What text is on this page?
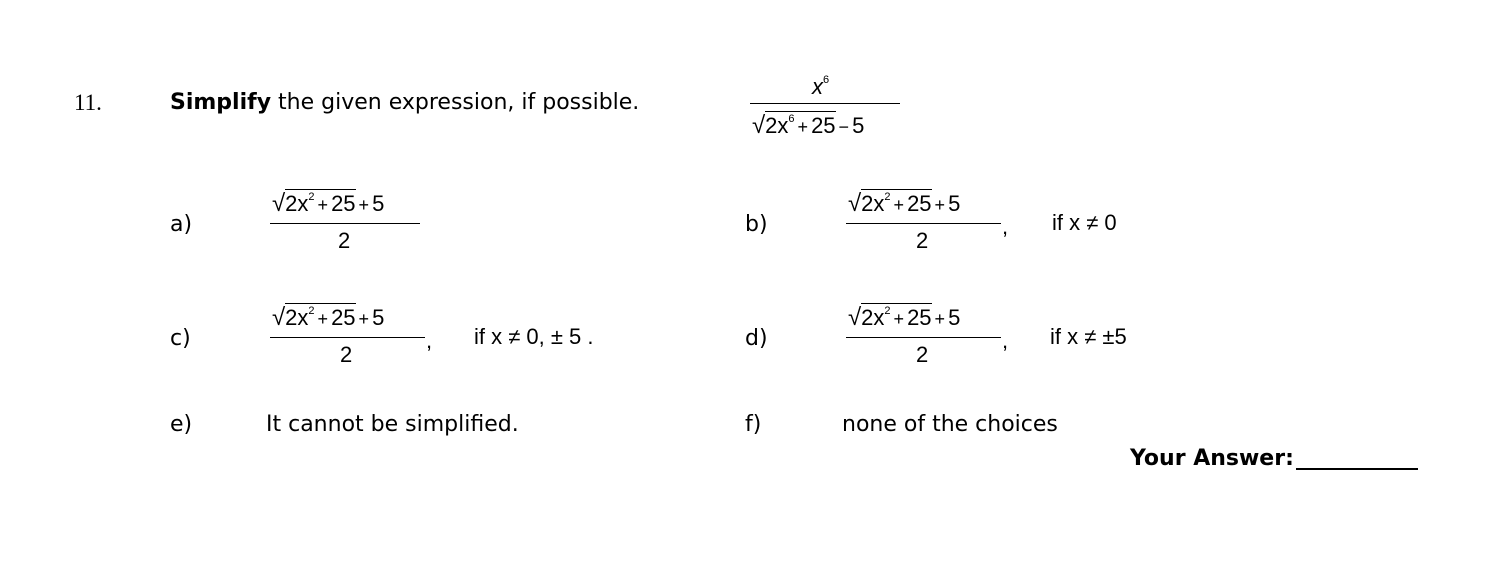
11.	Simplify the given expression, if possible.
$x^6$
$√2x^6 + 25 - 5$
a)
$√2x^2 + 25 + 5$
2
b)
$√2x^2 + 25 + 5$
2
, if x ≠ 0
c)
$√2x^2 + 25 + 5$
2
, if x ≠ 0, ± 5 .	d)
$√2x^2 + 25 + 5$
2
, if x ≠ ±5
e)	It cannot be simplified.	f)	none of the choices
Your Answer:
